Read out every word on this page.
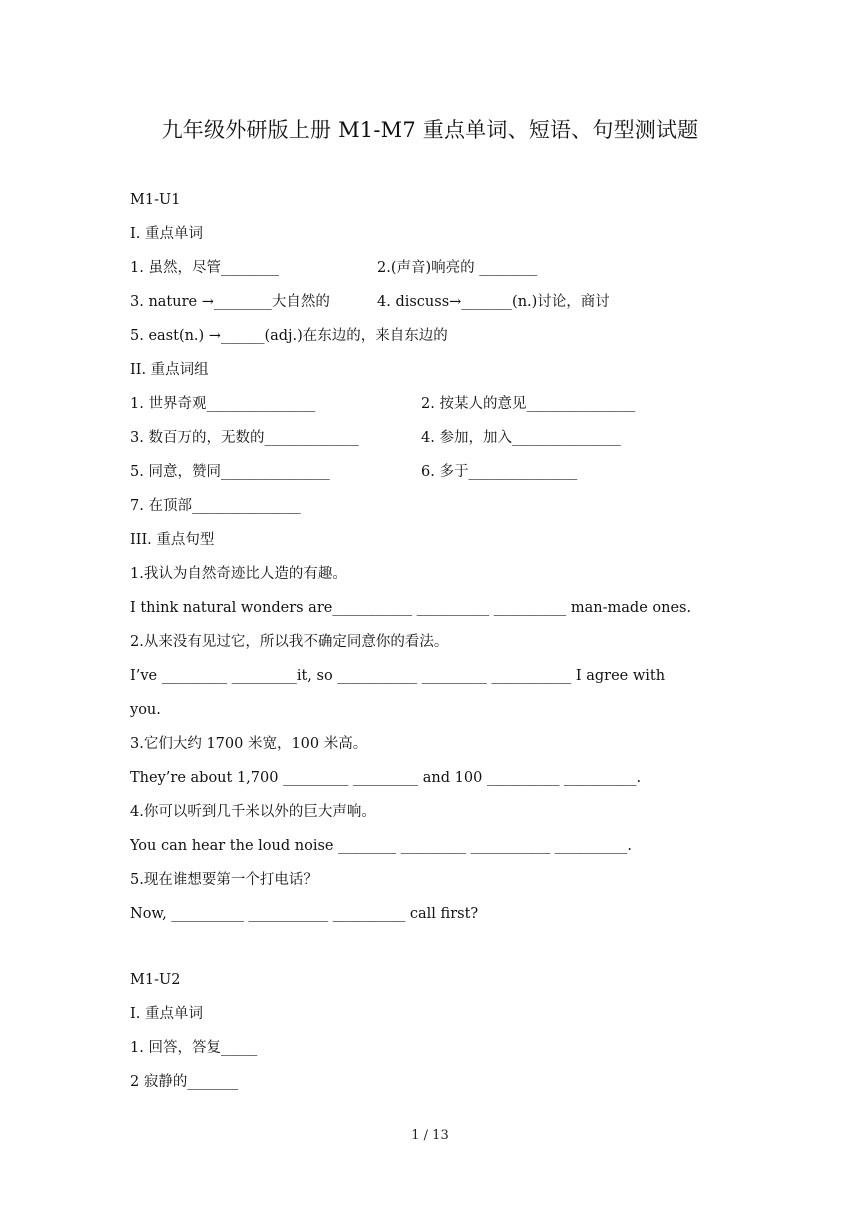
九年级外研版上册 M1-M7 重点单词、短语、句型测试题
M1-U1
I. 重点单词
1. 虽然，尽管________	2.(声音)响亮的 ________
3. nature →________大自然的	4. discuss→_______(n.)讨论，商讨
5. east(n.) →______(adj.)在东边的，来自东边的
II. 重点词组
1. 世界奇观_______________	2. 按某人的意见_______________
3. 数百万的，无数的_____________	4. 参加，加入_______________
5. 同意，赞同_______________	6. 多于_______________
7. 在顶部_______________
III. 重点句型
1.我认为自然奇迹比人造的有趣。
I think natural wonders are___________ __________ __________ man-made ones.
2.从来没有见过它，所以我不确定同意你的看法。
I’ve _________ _________it, so ___________ _________ ___________ I agree with
you.
3.它们大约 1700 米宽，100 米高。
They’re about 1,700 _________ _________ and 100 __________ __________.
4.你可以听到几千米以外的巨大声响。
You can hear the loud noise ________ _________ ___________ __________.
5.现在谁想要第一个打电话？
Now, __________ ___________ __________ call first?
M1-U2
I. 重点单词
1. 回答，答复_____
2 寂静的_______
1 / 13
